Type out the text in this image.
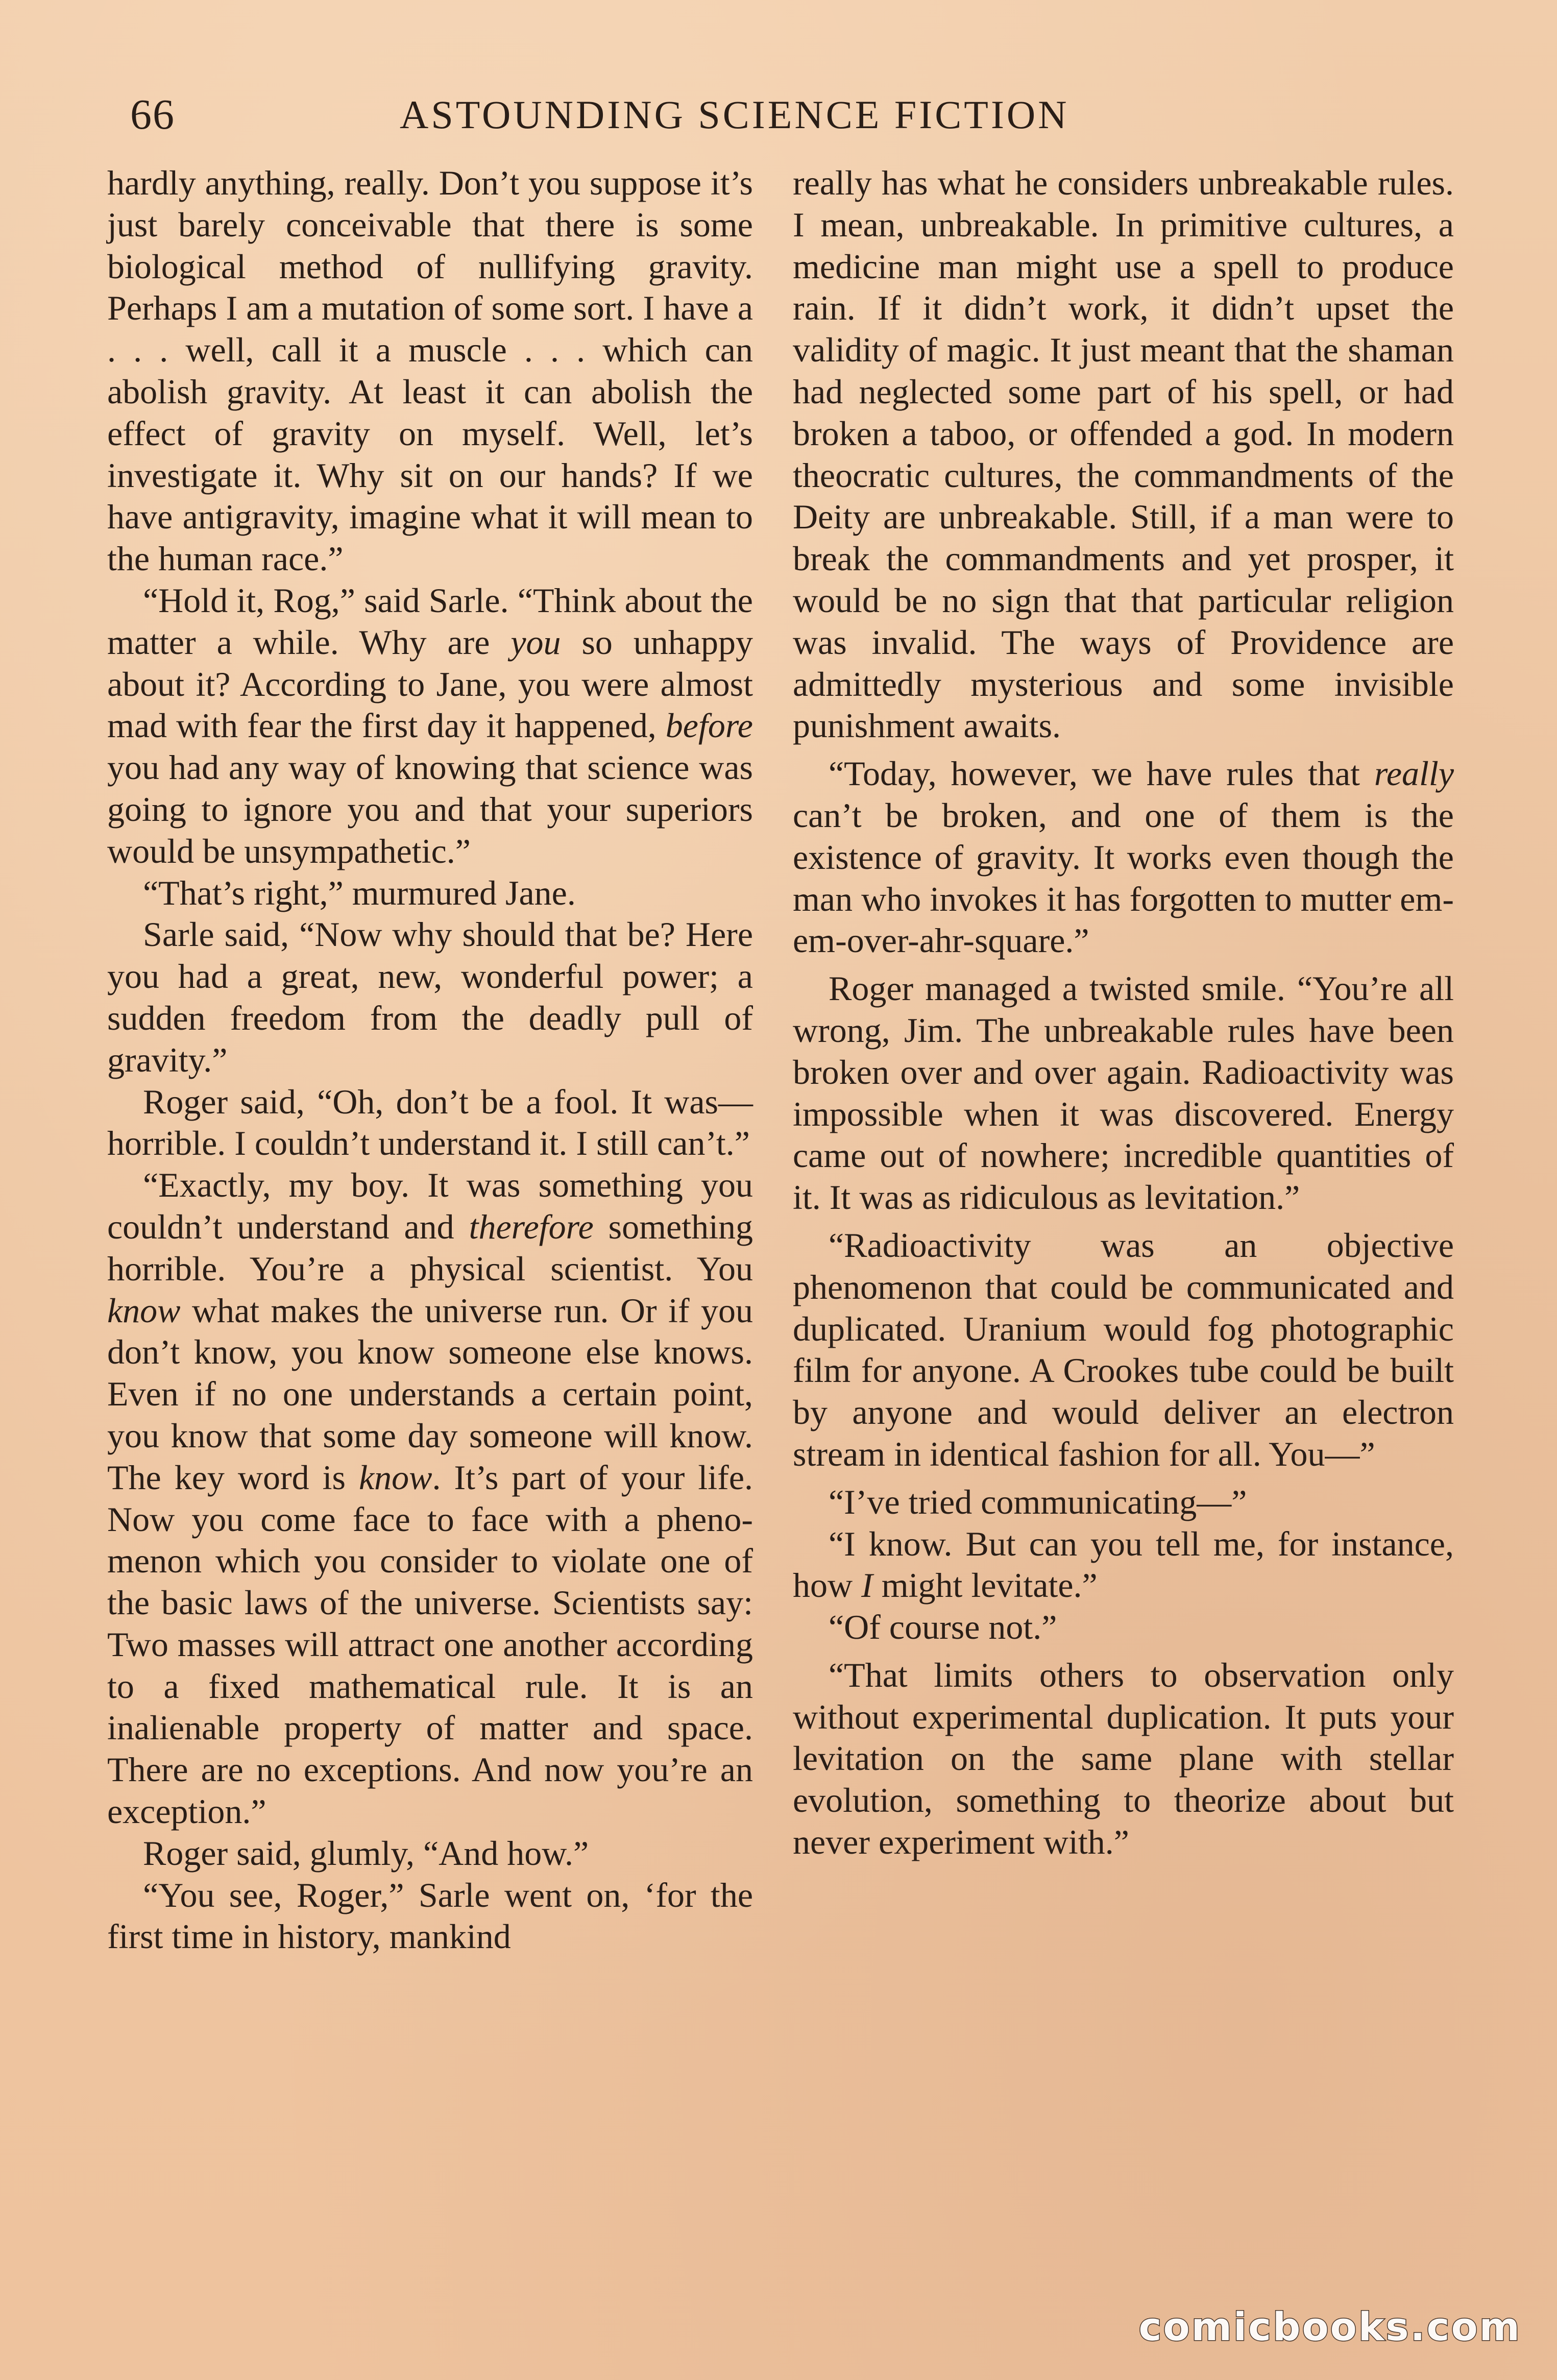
66	ASTOUNDING SCIENCE FICTION

hardly anything, really. Don’t you suppose it’s just barely conceivable that there is some biological method of nullifying gravity. Perhaps I am a mutation of some sort. I have a . . . well, call it a muscle . . . which can abolish gravity. At least it can abolish the effect of gravity on myself. Well, let’s investigate it. Why sit on our hands? If we have antigravity, imagine what it will mean to the human race.”

“Hold it, Rog,” said Sarle. “Think about the matter a while. Why are you so unhappy about it? According to Jane, you were almost mad with fear the first day it happened, before you had any way of knowing that science was going to ignore you and that your superiors would be unsympathetic.”

“That’s right,” murmured Jane.

Sarle said, “Now why should that be? Here you had a great, new, wonderful power; a sudden freedom from the deadly pull of gravity.”

Roger said, “Oh, don’t be a fool. It was—horrible. I couldn’t understand it. I still can’t.”

“Exactly, my boy. It was something you couldn’t understand and therefore something horrible. You’re a physical scientist. You know what makes the universe run. Or if you don’t know, you know someone else knows. Even if no one understands a certain point, you know that some day someone will know. The key word is know. It’s part of your life. Now you come face to face with a phenomenon which you consider to violate one of the basic laws of the universe. Scientists say: Two masses will attract one another according to a fixed mathematical rule. It is an inalienable property of matter and space. There are no exceptions. And now you’re an exception.”

Roger said, glumly, “And how.”

“You see, Roger,” Sarle went on, ‘for the first time in history, mankind

really has what he considers unbreakable rules. I mean, unbreakable. In primitive cultures, a medicine man might use a spell to produce rain. If it didn’t work, it didn’t upset the validity of magic. It just meant that the shaman had neglected some part of his spell, or had broken a taboo, or offended a god. In modern theocratic cultures, the commandments of the Deity are unbreakable. Still, if a man were to break the commandments and yet prosper, it would be no sign that that particular religion was invalid. The ways of Providence are admittedly mysterious and some invisible punishment awaits.

“Today, however, we have rules that really can’t be broken, and one of them is the existence of gravity. It works even though the man who invokes it has forgotten to mutter em-em-over-ahr-square.”

Roger managed a twisted smile. “You’re all wrong, Jim. The unbreakable rules have been broken over and over again. Radioactivity was impossible when it was discovered. Energy came out of nowhere; incredible quantities of it. It was as ridiculous as levitation.”

“Radioactivity was an objective phenomenon that could be communicated and duplicated. Uranium would fog photographic film for anyone. A Crookes tube could be built by anyone and would deliver an electron stream in identical fashion for all. You—”

“I’ve tried communicating—”

“I know. But can you tell me, for instance, how I might levitate.”

“Of course not.”

“That limits others to observation only without experimental duplication. It puts your levitation on the same plane with stellar evolution, something to theorize about but never experiment with.”

comicbooks.com
